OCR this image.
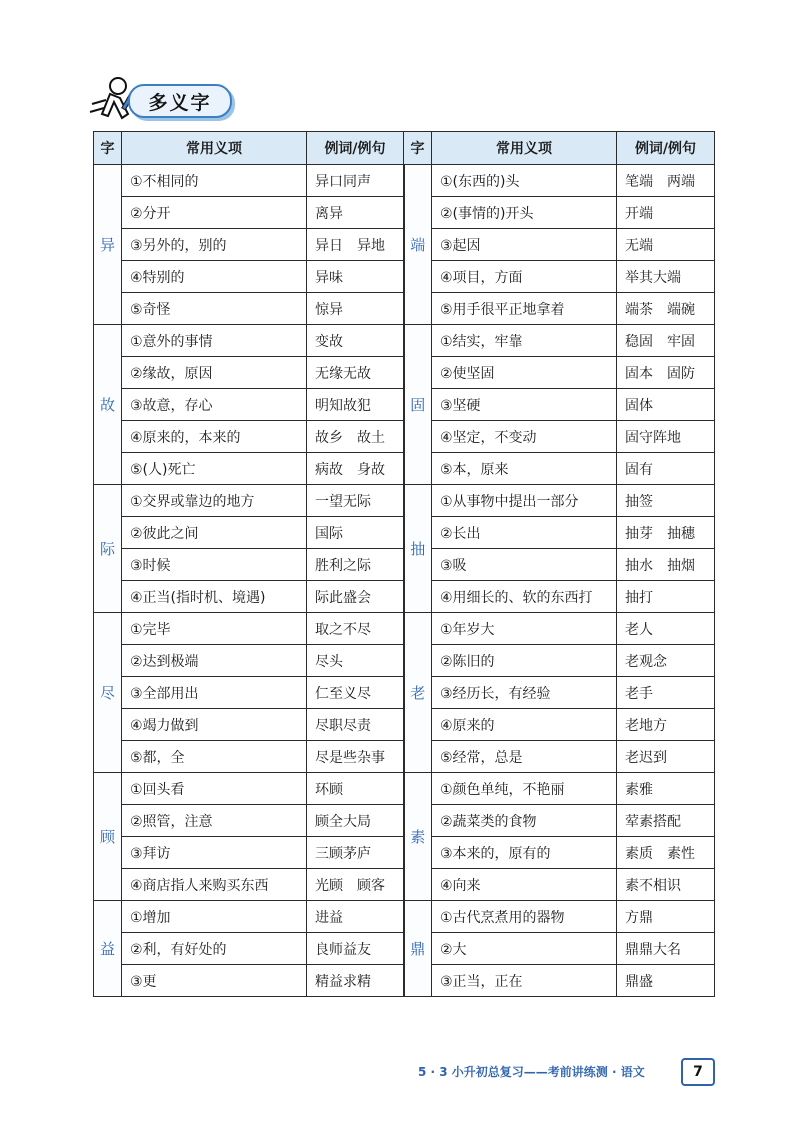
多义字
字	常用义项	例词/例句	字	常用义项	例词/例句
异	①不相同的	异口同声	端	①(东西的)头	笔端　两端
	②分开	离异		②(事情的)开头	开端
	③另外的，别的	异日　异地		③起因	无端
	④特别的	异味		④项目，方面	举其大端
	⑤奇怪	惊异		⑤用手很平正地拿着	端茶　端碗
故	①意外的事情	变故	固	①结实，牢靠	稳固　牢固
	②缘故，原因	无缘无故		②使坚固	固本　固防
	③故意，存心	明知故犯		③坚硬	固体
	④原来的，本来的	故乡　故土		④坚定，不变动	固守阵地
	⑤(人)死亡	病故　身故		⑤本，原来	固有
际	①交界或靠边的地方	一望无际	抽	①从事物中提出一部分	抽签
	②彼此之间	国际		②长出	抽芽　抽穗
	③时候	胜利之际		③吸	抽水　抽烟
	④正当(指时机、境遇)	际此盛会		④用细长的、软的东西打	抽打
尽	①完毕	取之不尽	老	①年岁大	老人
	②达到极端	尽头		②陈旧的	老观念
	③全部用出	仁至义尽		③经历长，有经验	老手
	④竭力做到	尽职尽责		④原来的	老地方
	⑤都，全	尽是些杂事		⑤经常，总是	老迟到
顾	①回头看	环顾	素	①颜色单纯，不艳丽	素雅
	②照管，注意	顾全大局		②蔬菜类的食物	荤素搭配
	③拜访	三顾茅庐		③本来的，原有的	素质　素性
	④商店指人来购买东西	光顾　顾客		④向来	素不相识
益	①增加	进益	鼎	①古代烹煮用的器物	方鼎
	②利，有好处的	良师益友		②大	鼎鼎大名
	③更	精益求精		③正当，正在	鼎盛
5 · 3 小升初总复习——考前讲练测 · 语文	7
